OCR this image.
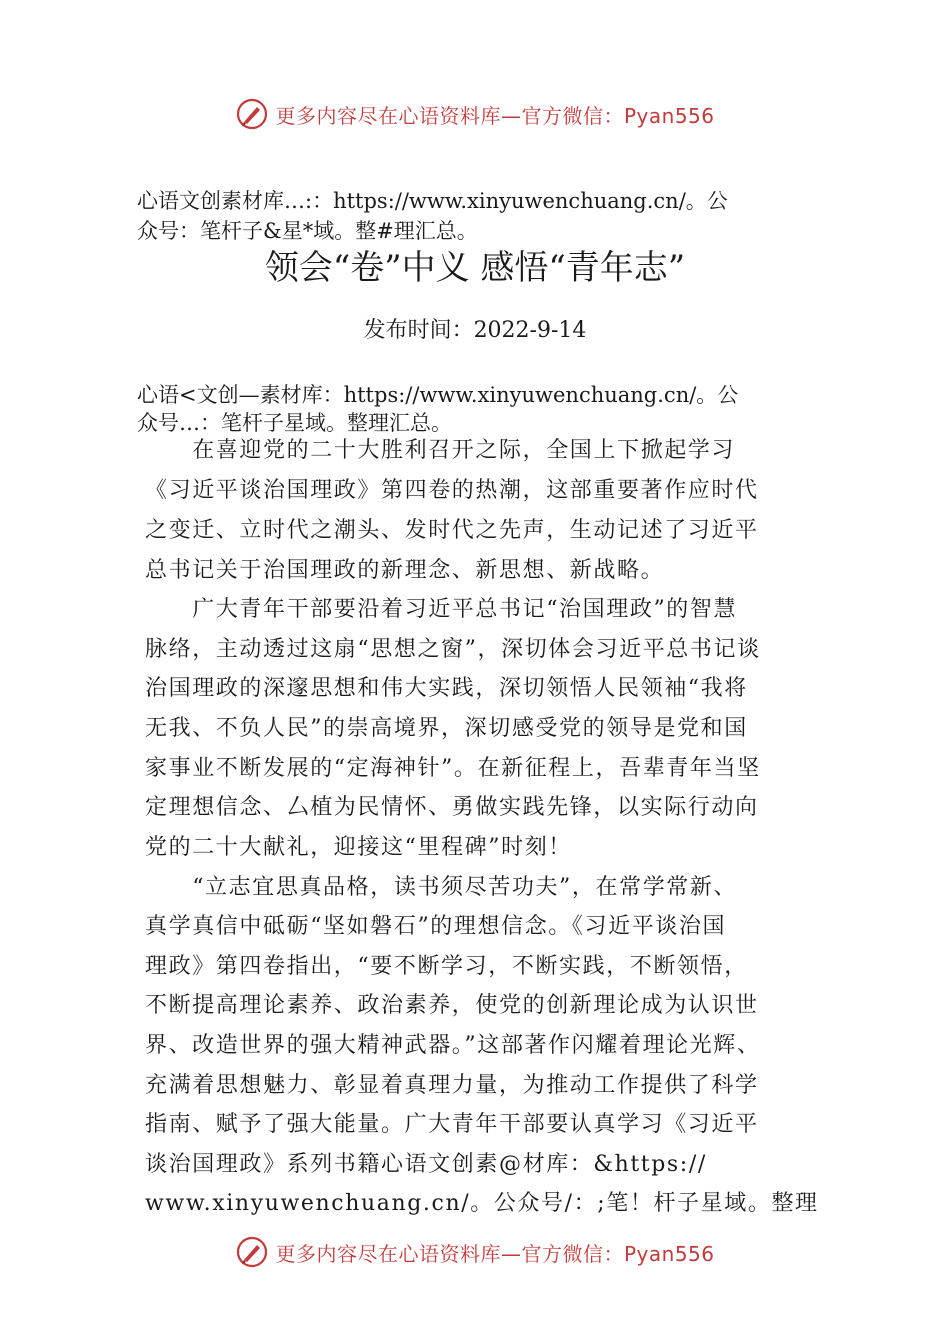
更多内容尽在心语资料库—官方微信：Pyan556
心语文创素材库…:：https://www.xinyuwenchuang.cn/。公
众号：笔杆子&星*域。整#理汇总。
领会“卷”中义 感悟“青年志”
发布时间：2022-9-14
心语<文创—素材库：https://www.xinyuwenchuang.cn/。公
众号…：笔杆子星域。整理汇总。
　　在喜迎党的二十大胜利召开之际，全国上下掀起学习
《习近平谈治国理政》第四卷的热潮，这部重要著作应时代
之变迁、立时代之潮头、发时代之先声，生动记述了习近平
总书记关于治国理政的新理念、新思想、新战略。
　　广大青年干部要沿着习近平总书记“治国理政”的智慧
脉络，主动透过这扇“思想之窗”，深切体会习近平总书记谈
治国理政的深邃思想和伟大实践，深切领悟人民领袖“我将
无我、不负人民”的崇高境界，深切感受党的领导是党和国
家事业不断发展的“定海神针”。在新征程上，吾辈青年当坚
定理想信念、厶植为民情怀、勇做实践先锋，以实际行动向
党的二十大献礼，迎接这“里程碑”时刻！
　　“立志宜思真品格，读书须尽苦功夫”，在常学常新、
真学真信中砥砺“坚如磐石”的理想信念。《习近平谈治国
理政》第四卷指出，“要不断学习，不断实践，不断领悟，
不断提高理论素养、政治素养，使党的创新理论成为认识世
界、改造世界的强大精神武器。”这部著作闪耀着理论光辉、
充满着思想魅力、彰显着真理力量，为推动工作提供了科学
指南、赋予了强大能量。广大青年干部要认真学习《习近平
谈治国理政》系列书籍心语文创素@材库：&https://
www.xinyuwenchuang.cn/。公众号/：;笔！杆子星域。整理
更多内容尽在心语资料库—官方微信：Pyan556
